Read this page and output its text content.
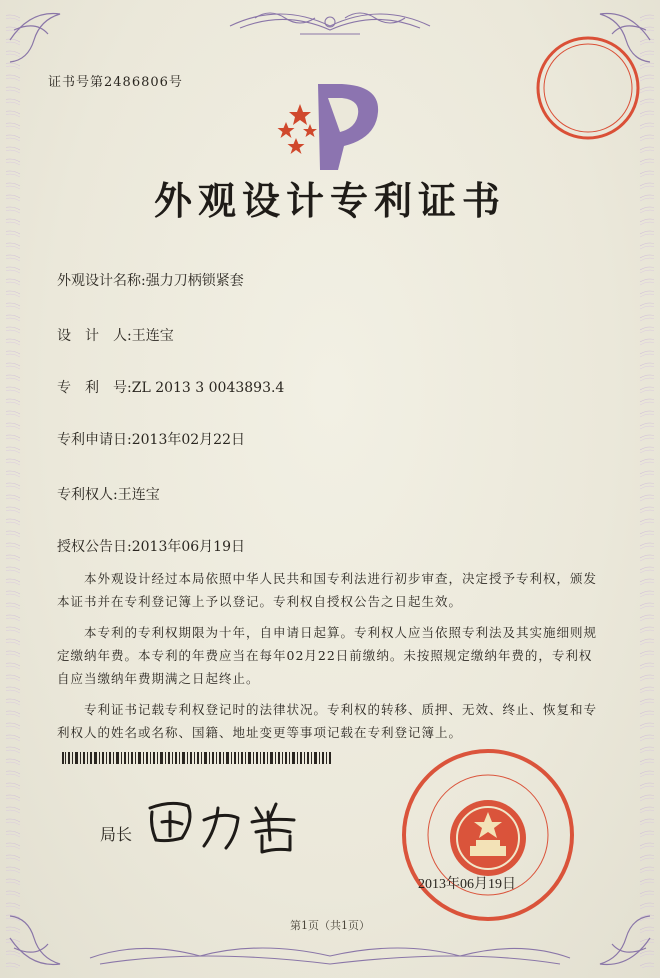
证书号第2486806号
外观设计专利证书
外观设计名称:强力刀柄锁紧套
设　计　人:王连宝
专　利　号:ZL 2013 3 0043893.4
专利申请日:2013年02月22日
专利权人:王连宝
授权公告日:2013年06月19日

本外观设计经过本局依照中华人民共和国专利法进行初步审查，决定授予专利权，颁发本证书并在专利登记簿上予以登记。专利权自授权公告之日起生效。

本专利的专利权期限为十年，自申请日起算。专利权人应当依照专利法及其实施细则规定缴纳年费。本专利的年费应当在每年02月22日前缴纳。未按照规定缴纳年费的，专利权自应当缴纳年费期满之日起终止。

专利证书记载专利权登记时的法律状况。专利权的转移、质押、无效、终止、恢复和专利权人的姓名或名称、国籍、地址变更等事项记载在专利登记簿上。

局长
2013年06月19日
第1页（共1页）
